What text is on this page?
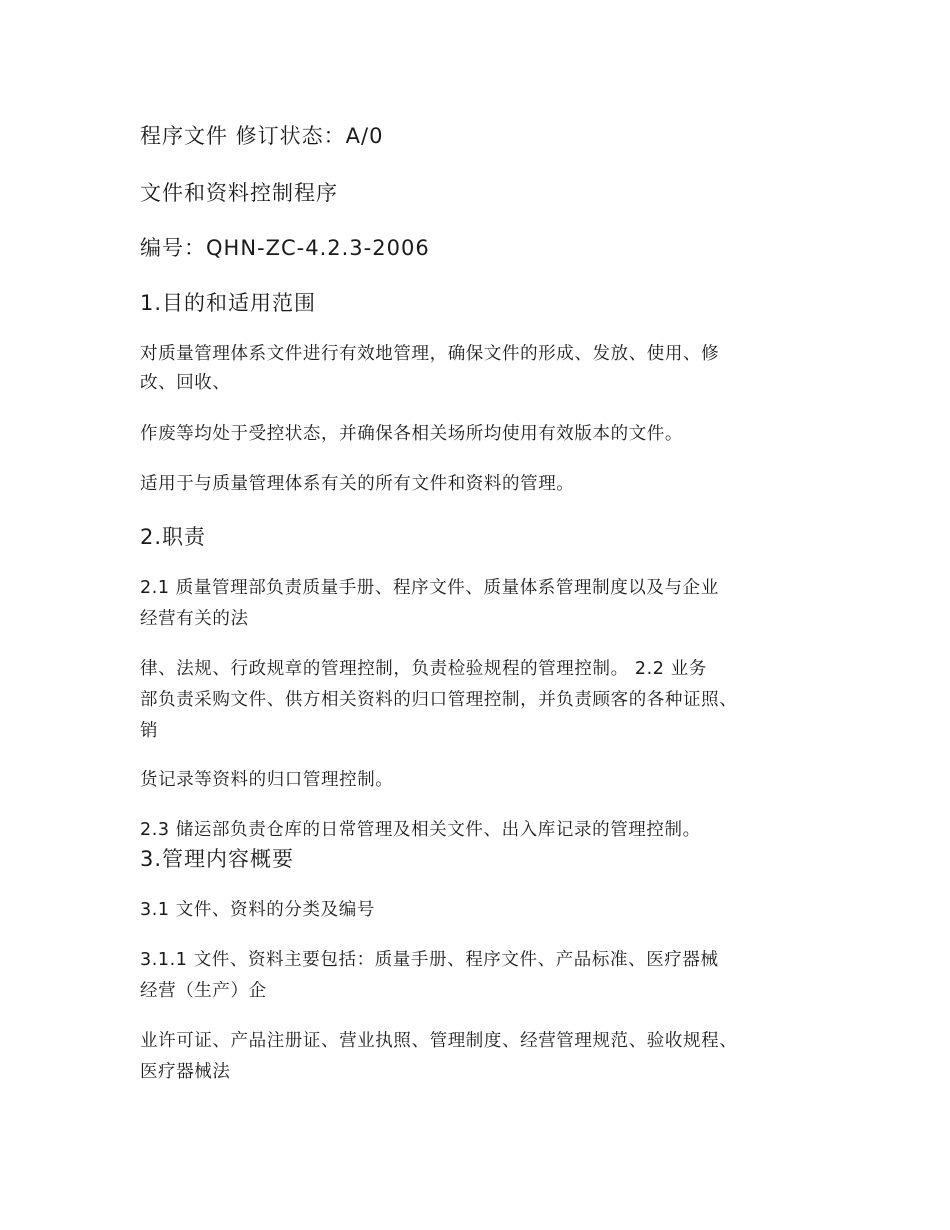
程序文件 修订状态：A/0
文件和资料控制程序
编号：QHN-ZC-4.2.3-2006
1.目的和适用范围
对质量管理体系文件进行有效地管理，确保文件的形成、发放、使用、修
改、回收、
作废等均处于受控状态，并确保各相关场所均使用有效版本的文件。
适用于与质量管理体系有关的所有文件和资料的管理。
2.职责
2.1 质量管理部负责质量手册、程序文件、质量体系管理制度以及与企业
经营有关的法
律、法规、行政规章的管理控制，负责检验规程的管理控制。 2.2 业务
部负责采购文件、供方相关资料的归口管理控制，并负责顾客的各种证照、
销
货记录等资料的归口管理控制。
2.3 储运部负责仓库的日常管理及相关文件、出入库记录的管理控制。
3.管理内容概要
3.1 文件、资料的分类及编号
3.1.1 文件、资料主要包括：质量手册、程序文件、产品标准、医疗器械
经营（生产）企
业许可证、产品注册证、营业执照、管理制度、经营管理规范、验收规程、
医疗器械法
